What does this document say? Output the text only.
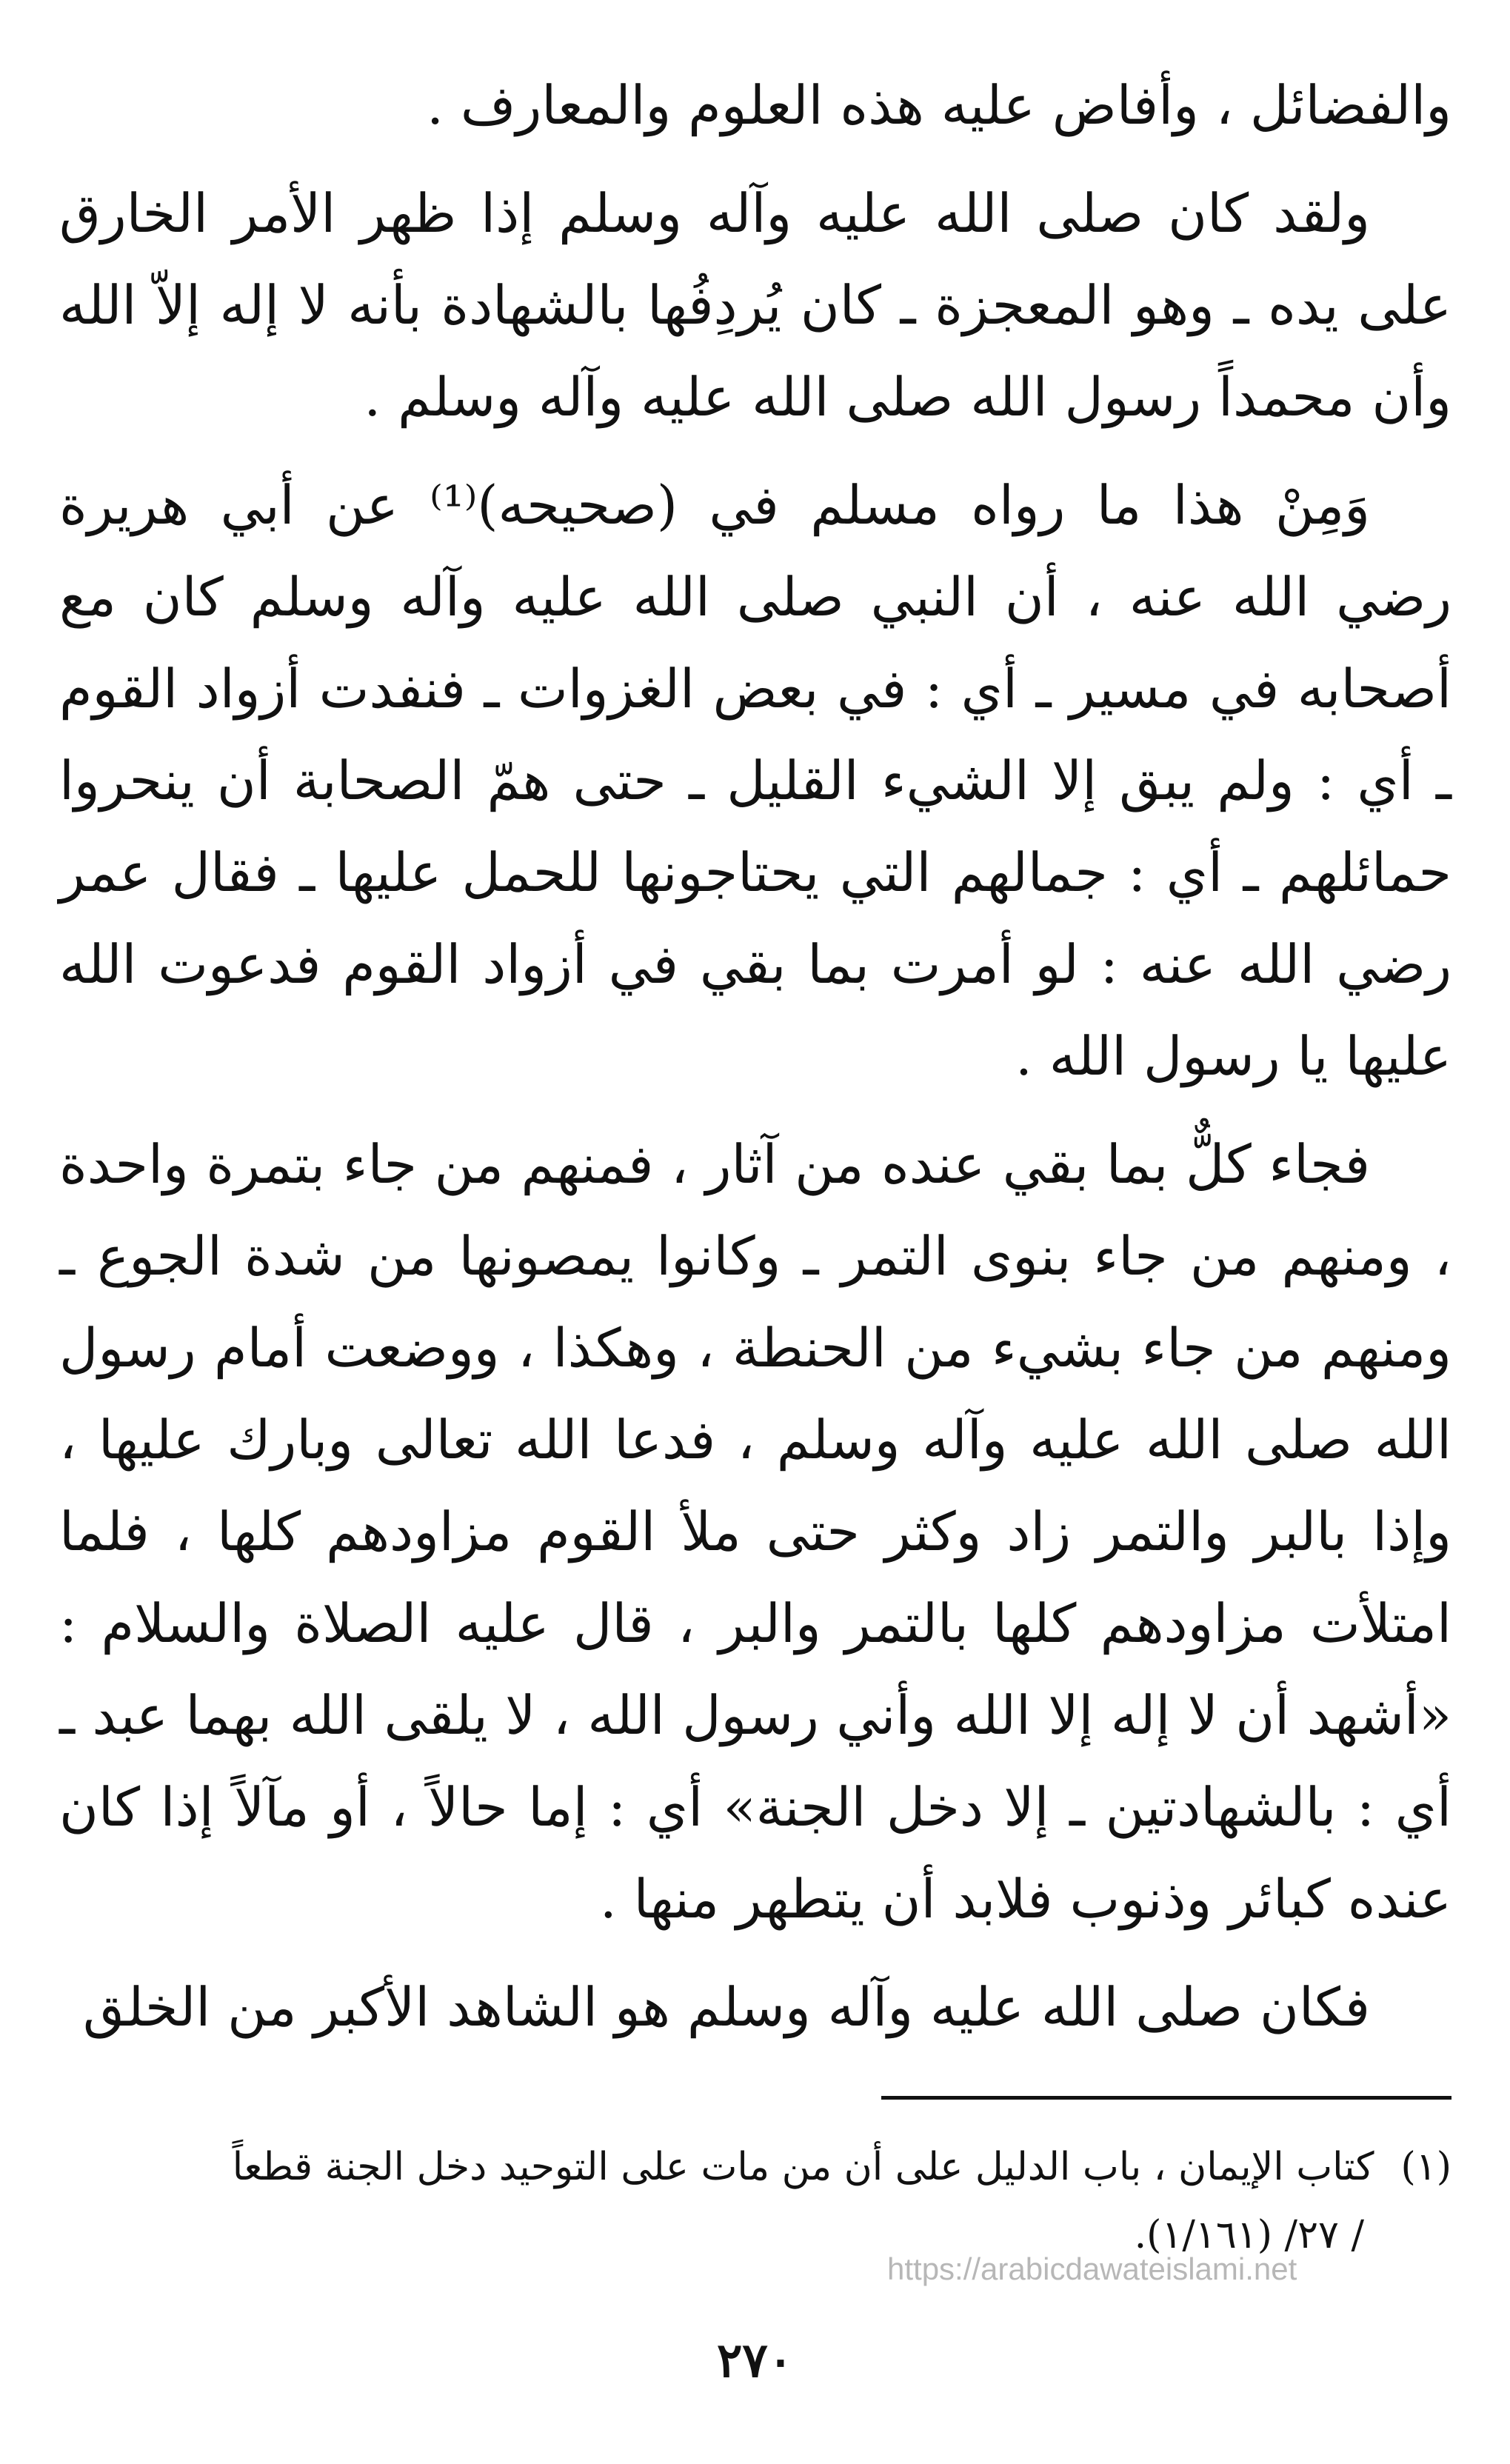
والفضائل ، وأفاض عليه هذه العلوم والمعارف .

ولقد كان صلى الله عليه وآله وسلم إذا ظهر الأمر الخارق على يده ـ وهو المعجزة ـ كان يُردِفُها بالشهادة بأنه لا إله إلاّ الله وأن محمداً رسول الله صلى الله عليه وآله وسلم .

وَمِنْ هذا ما رواه مسلم في (صحيحه)⁽¹⁾ عن أبي هريرة رضي الله عنه ، أن النبي صلى الله عليه وآله وسلم كان مع أصحابه في مسير ـ أي : في بعض الغزوات ـ فنفدت أزواد القوم ـ أي : ولم يبق إلا الشيء القليل ـ حتى همّ الصحابة أن ينحروا حمائلهم ـ أي : جمالهم التي يحتاجونها للحمل عليها ـ فقال عمر رضي الله عنه : لو أمرت بما بقي في أزواد القوم فدعوت الله عليها يا رسول الله .

فجاء كلٌّ بما بقي عنده من آثار ، فمنهم من جاء بتمرة واحدة ، ومنهم من جاء بنوى التمر ـ وكانوا يمصونها من شدة الجوع ـ ومنهم من جاء بشيء من الحنطة ، وهكذا ، ووضعت أمام رسول الله صلى الله عليه وآله وسلم ، فدعا الله تعالى وبارك عليها ، وإذا بالبر والتمر زاد وكثر حتى ملأ القوم مزاودهم كلها ، فلما امتلأت مزاودهم كلها بالتمر والبر ، قال عليه الصلاة والسلام : «أشهد أن لا إله إلا الله وأني رسول الله ، لا يلقى الله بهما عبد ـ أي : بالشهادتين ـ إلا دخل الجنة» أي : إما حالاً ، أو مآلاً إذا كان عنده كبائر وذنوب فلابد أن يتطهر منها .

فكان صلى الله عليه وآله وسلم هو الشاهد الأكبر من الخلق

(١)كتاب الإيمان ، باب الدليل على أن من مات على التوحيد دخل الجنة قطعاً
/ ٢٧/ (١/١٦١).
https://arabicdawateislami.net
٢٧٠
